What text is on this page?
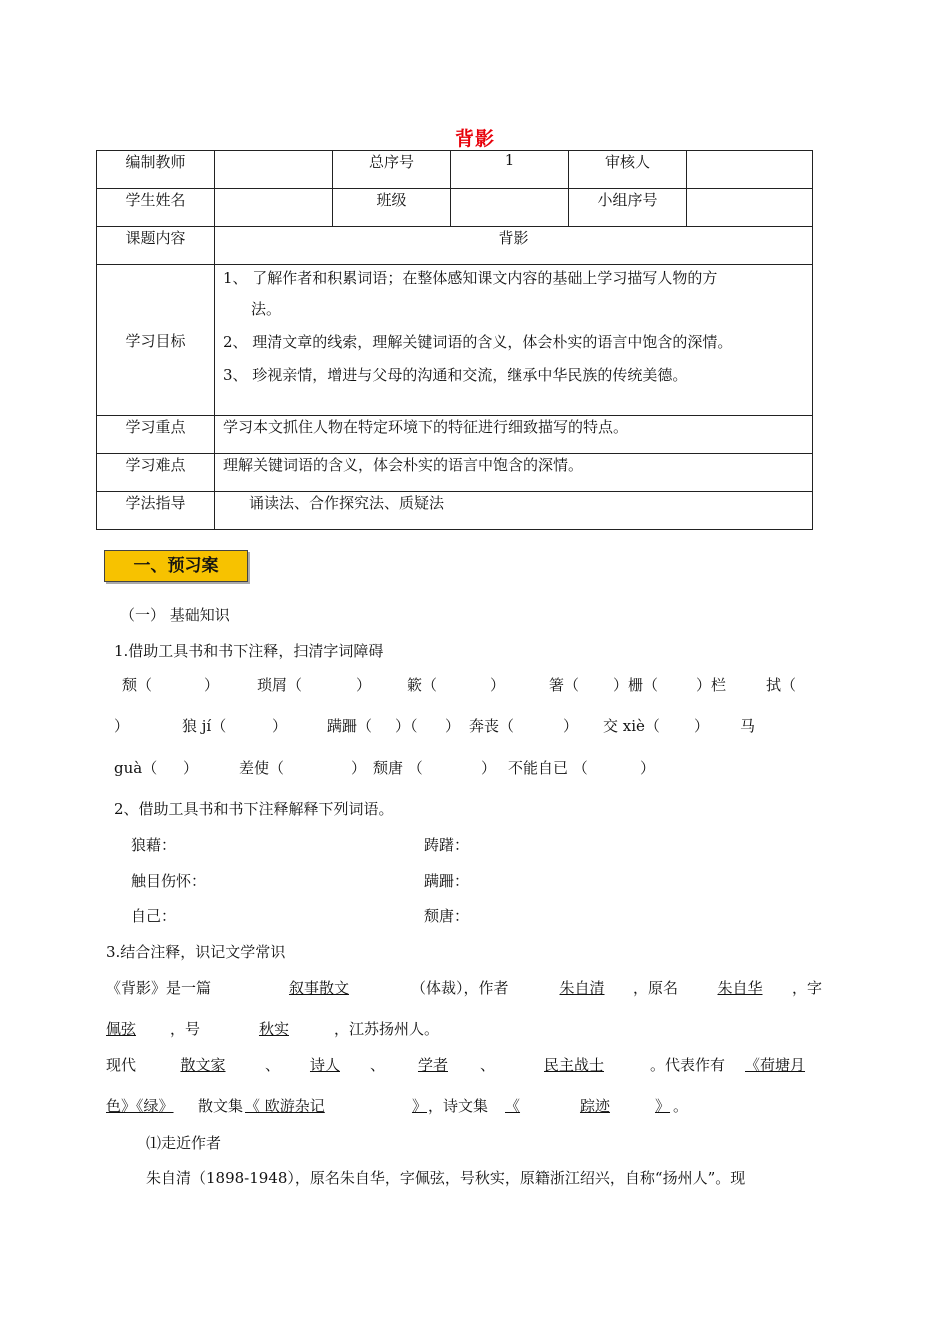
背影
编制教师		总序号	1	审核人	
学生姓名		班级		小组序号	
课题内容	背影				
学习目标	1、 了解作者和积累词语；在整体感知课文内容的基础上学习描写人物的方
法。
2、 理清文章的线索，理解关键词语的含义，体会朴实的语言中饱含的深情。
3、 珍视亲情，增进与父母的沟通和交流，继承中华民族的传统美德。				

学习重点	学习本文抓住人物在特定环境下的特征进行细致描写的特点。				
学习难点	理解关键词语的含义，体会朴实的语言中饱含的深情。				
学法指导	诵读法、合作探究法、质疑法				
一、预习案
（一） 基础知识
1.借助工具书和书下注释，扫清字词障碍
颓（	）	琐屑（	） 簌（	）	箸（ ）栅（	）栏	拭（
）	狼 jí（	）	蹒跚（ ）（ ） 奔丧（	） 交 xiè（ ） 马
guà（ ）	差使（	） 颓唐 （	） 不能自已 （	）
2、借助工具书和书下注释解释下列词语。
狼藉：	踌躇：
触目伤怀：	蹒跚：
自己：	颓唐：
3.结合注释，识记文学常识
《背影》是一篇	叙事散文	（体裁），作者	朱自清	，原名	朱自华	，字
佩弦	，号	秋实	，江苏扬州人。
现代	散文家	、	诗人	、	学者	、	民主战士	。代表作有 《荷塘月
色》《绿》 散文集 《 欧游杂记	》 ，诗文集 《	踪迹	》 。
⑴走近作者
朱自清（1898-1948），原名朱自华，字佩弦，号秋实，原籍浙江绍兴，自称“扬州人”。现
